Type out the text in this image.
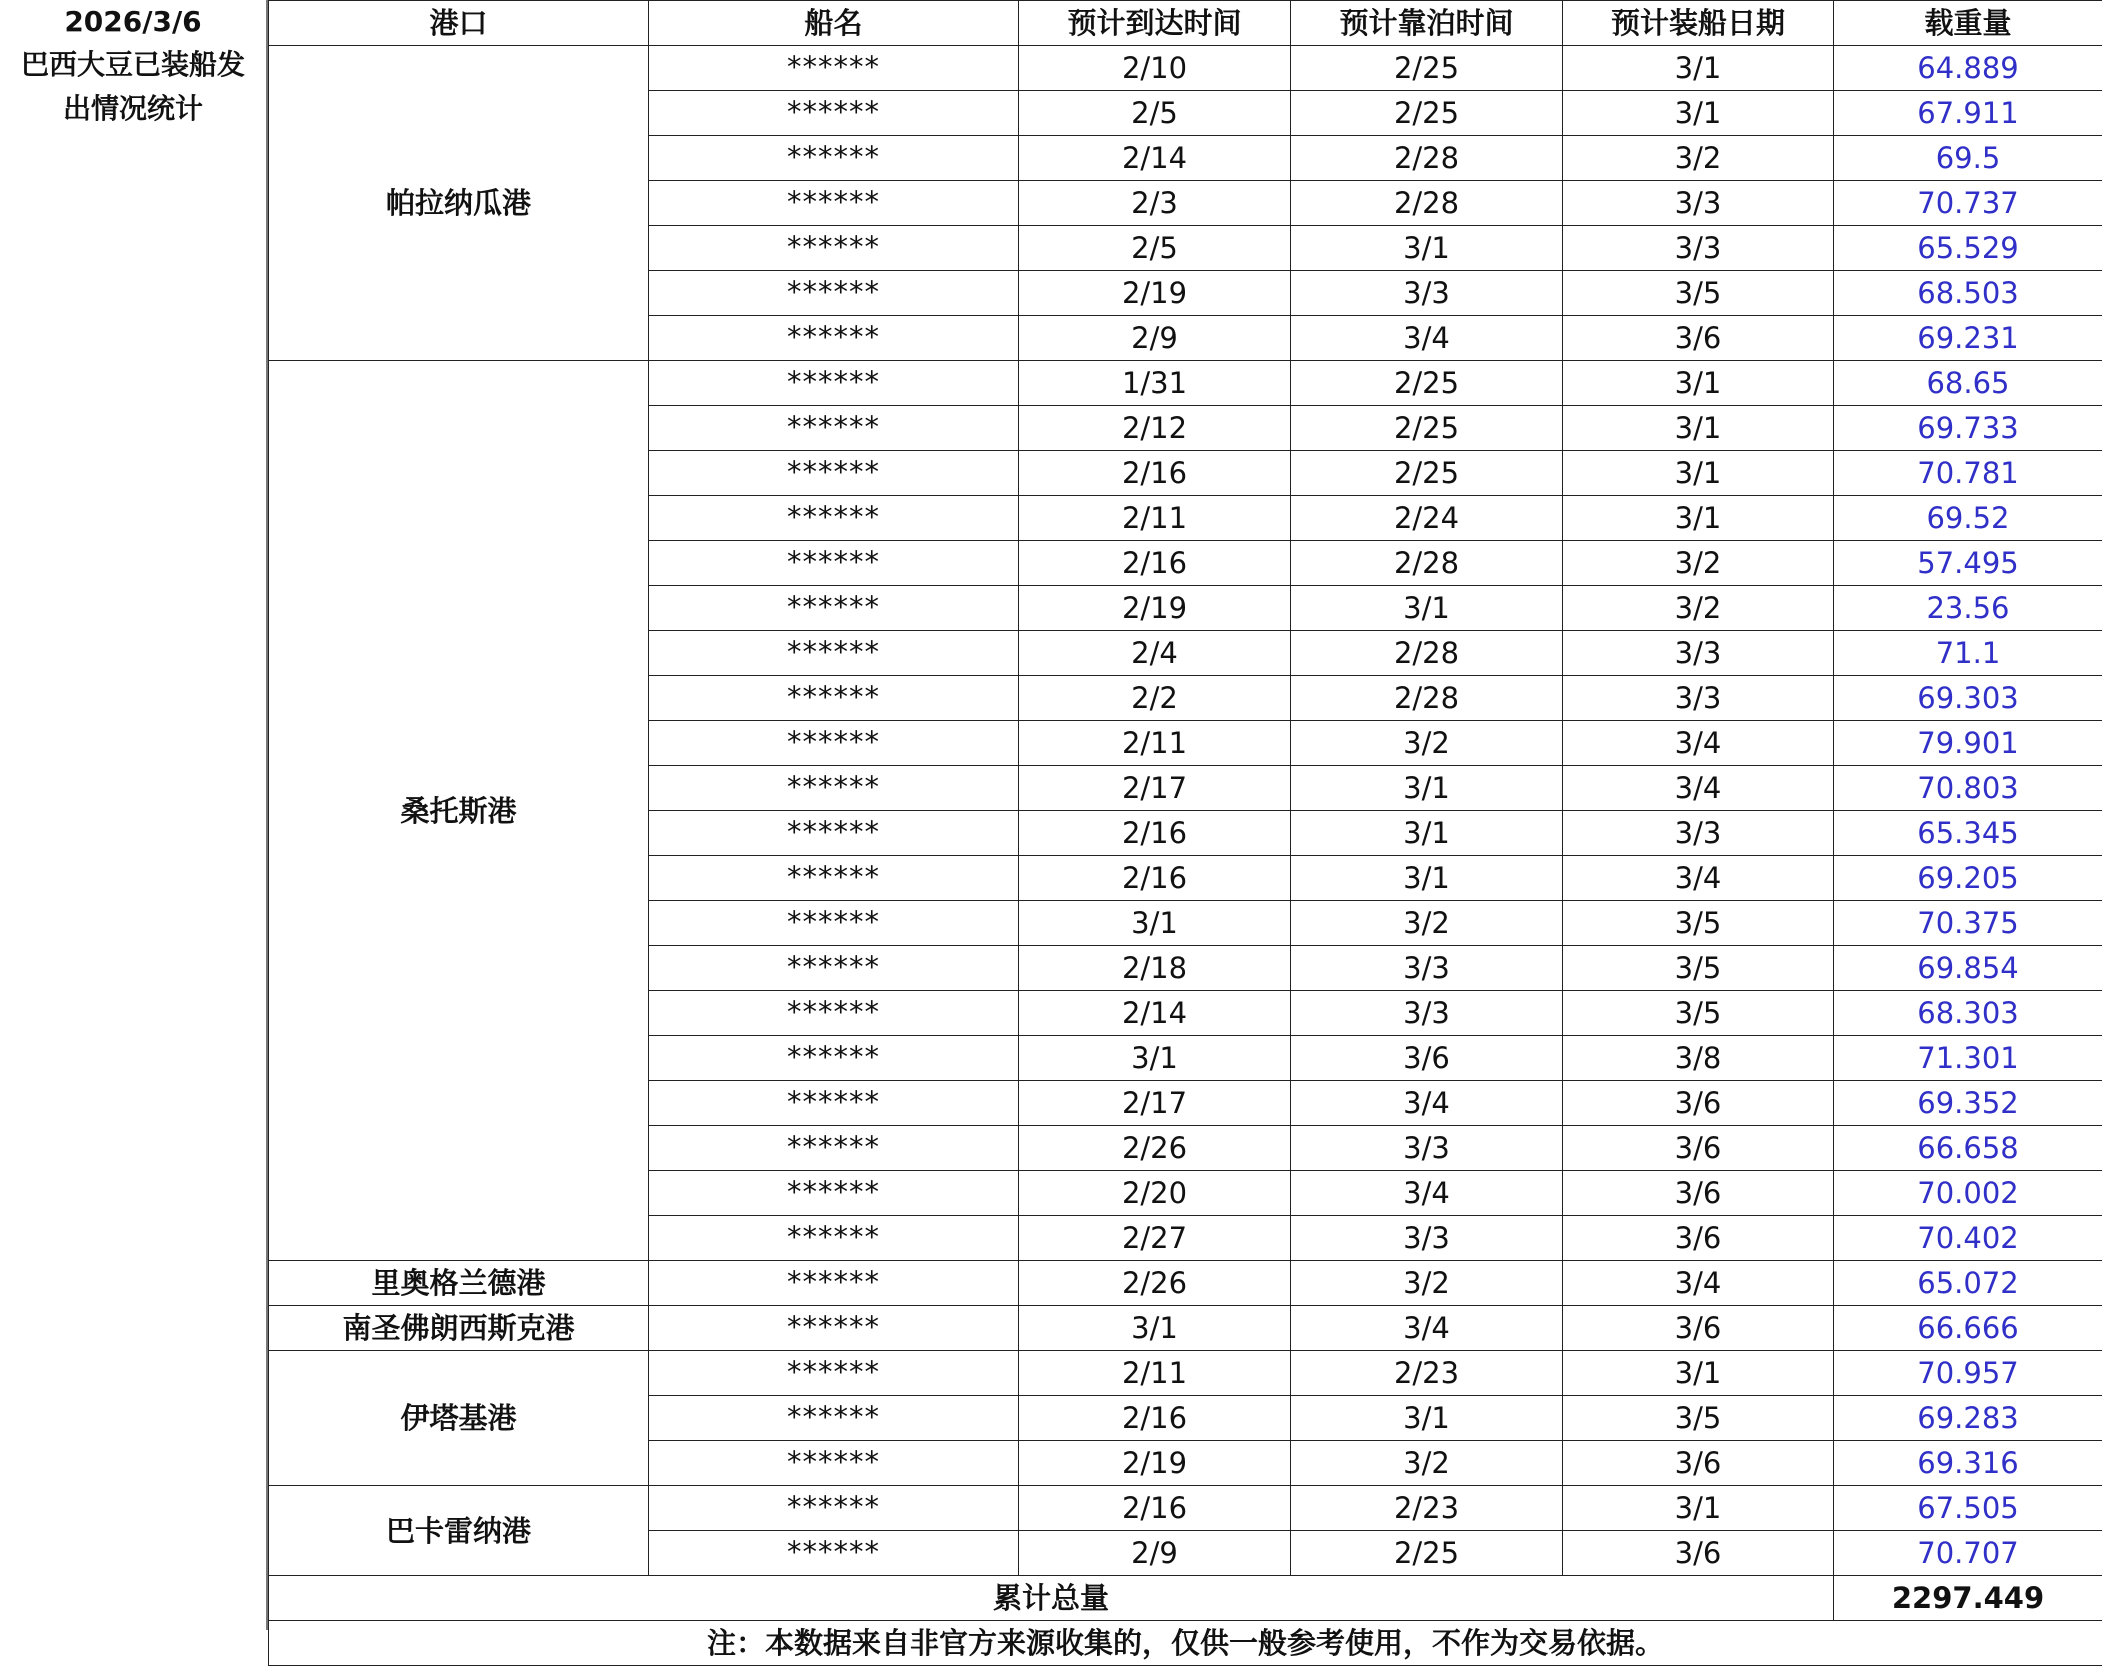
2026/3/6
巴西大豆已装船发出情况统计
港口	船名	预计到达时间	预计靠泊时间	预计装船日期	载重量
帕拉纳瓜港	******	2/10	2/25	3/1	64.889
	******	2/5	2/25	3/1	67.911
	******	2/14	2/28	3/2	69.5
	******	2/3	2/28	3/3	70.737
	******	2/5	3/1	3/3	65.529
	******	2/19	3/3	3/5	68.503
	******	2/9	3/4	3/6	69.231
桑托斯港	******	1/31	2/25	3/1	68.65
	******	2/12	2/25	3/1	69.733
	******	2/16	2/25	3/1	70.781
	******	2/11	2/24	3/1	69.52
	******	2/16	2/28	3/2	57.495
	******	2/19	3/1	3/2	23.56
	******	2/4	2/28	3/3	71.1
	******	2/2	2/28	3/3	69.303
	******	2/11	3/2	3/4	79.901
	******	2/17	3/1	3/4	70.803
	******	2/16	3/1	3/3	65.345
	******	2/16	3/1	3/4	69.205
	******	3/1	3/2	3/5	70.375
	******	2/18	3/3	3/5	69.854
	******	2/14	3/3	3/5	68.303
	******	3/1	3/6	3/8	71.301
	******	2/17	3/4	3/6	69.352
	******	2/26	3/3	3/6	66.658
	******	2/20	3/4	3/6	70.002
	******	2/27	3/3	3/6	70.402
里奥格兰德港	******	2/26	3/2	3/4	65.072
南圣佛朗西斯克港	******	3/1	3/4	3/6	66.666
伊塔基港	******	2/11	2/23	3/1	70.957
	******	2/16	3/1	3/5	69.283
	******	2/19	3/2	3/6	69.316
巴卡雷纳港	******	2/16	2/23	3/1	67.505
	******	2/9	2/25	3/6	70.707
累计总量					2297.449
注：本数据来自非官方来源收集的，仅供一般参考使用，不作为交易依据。					
